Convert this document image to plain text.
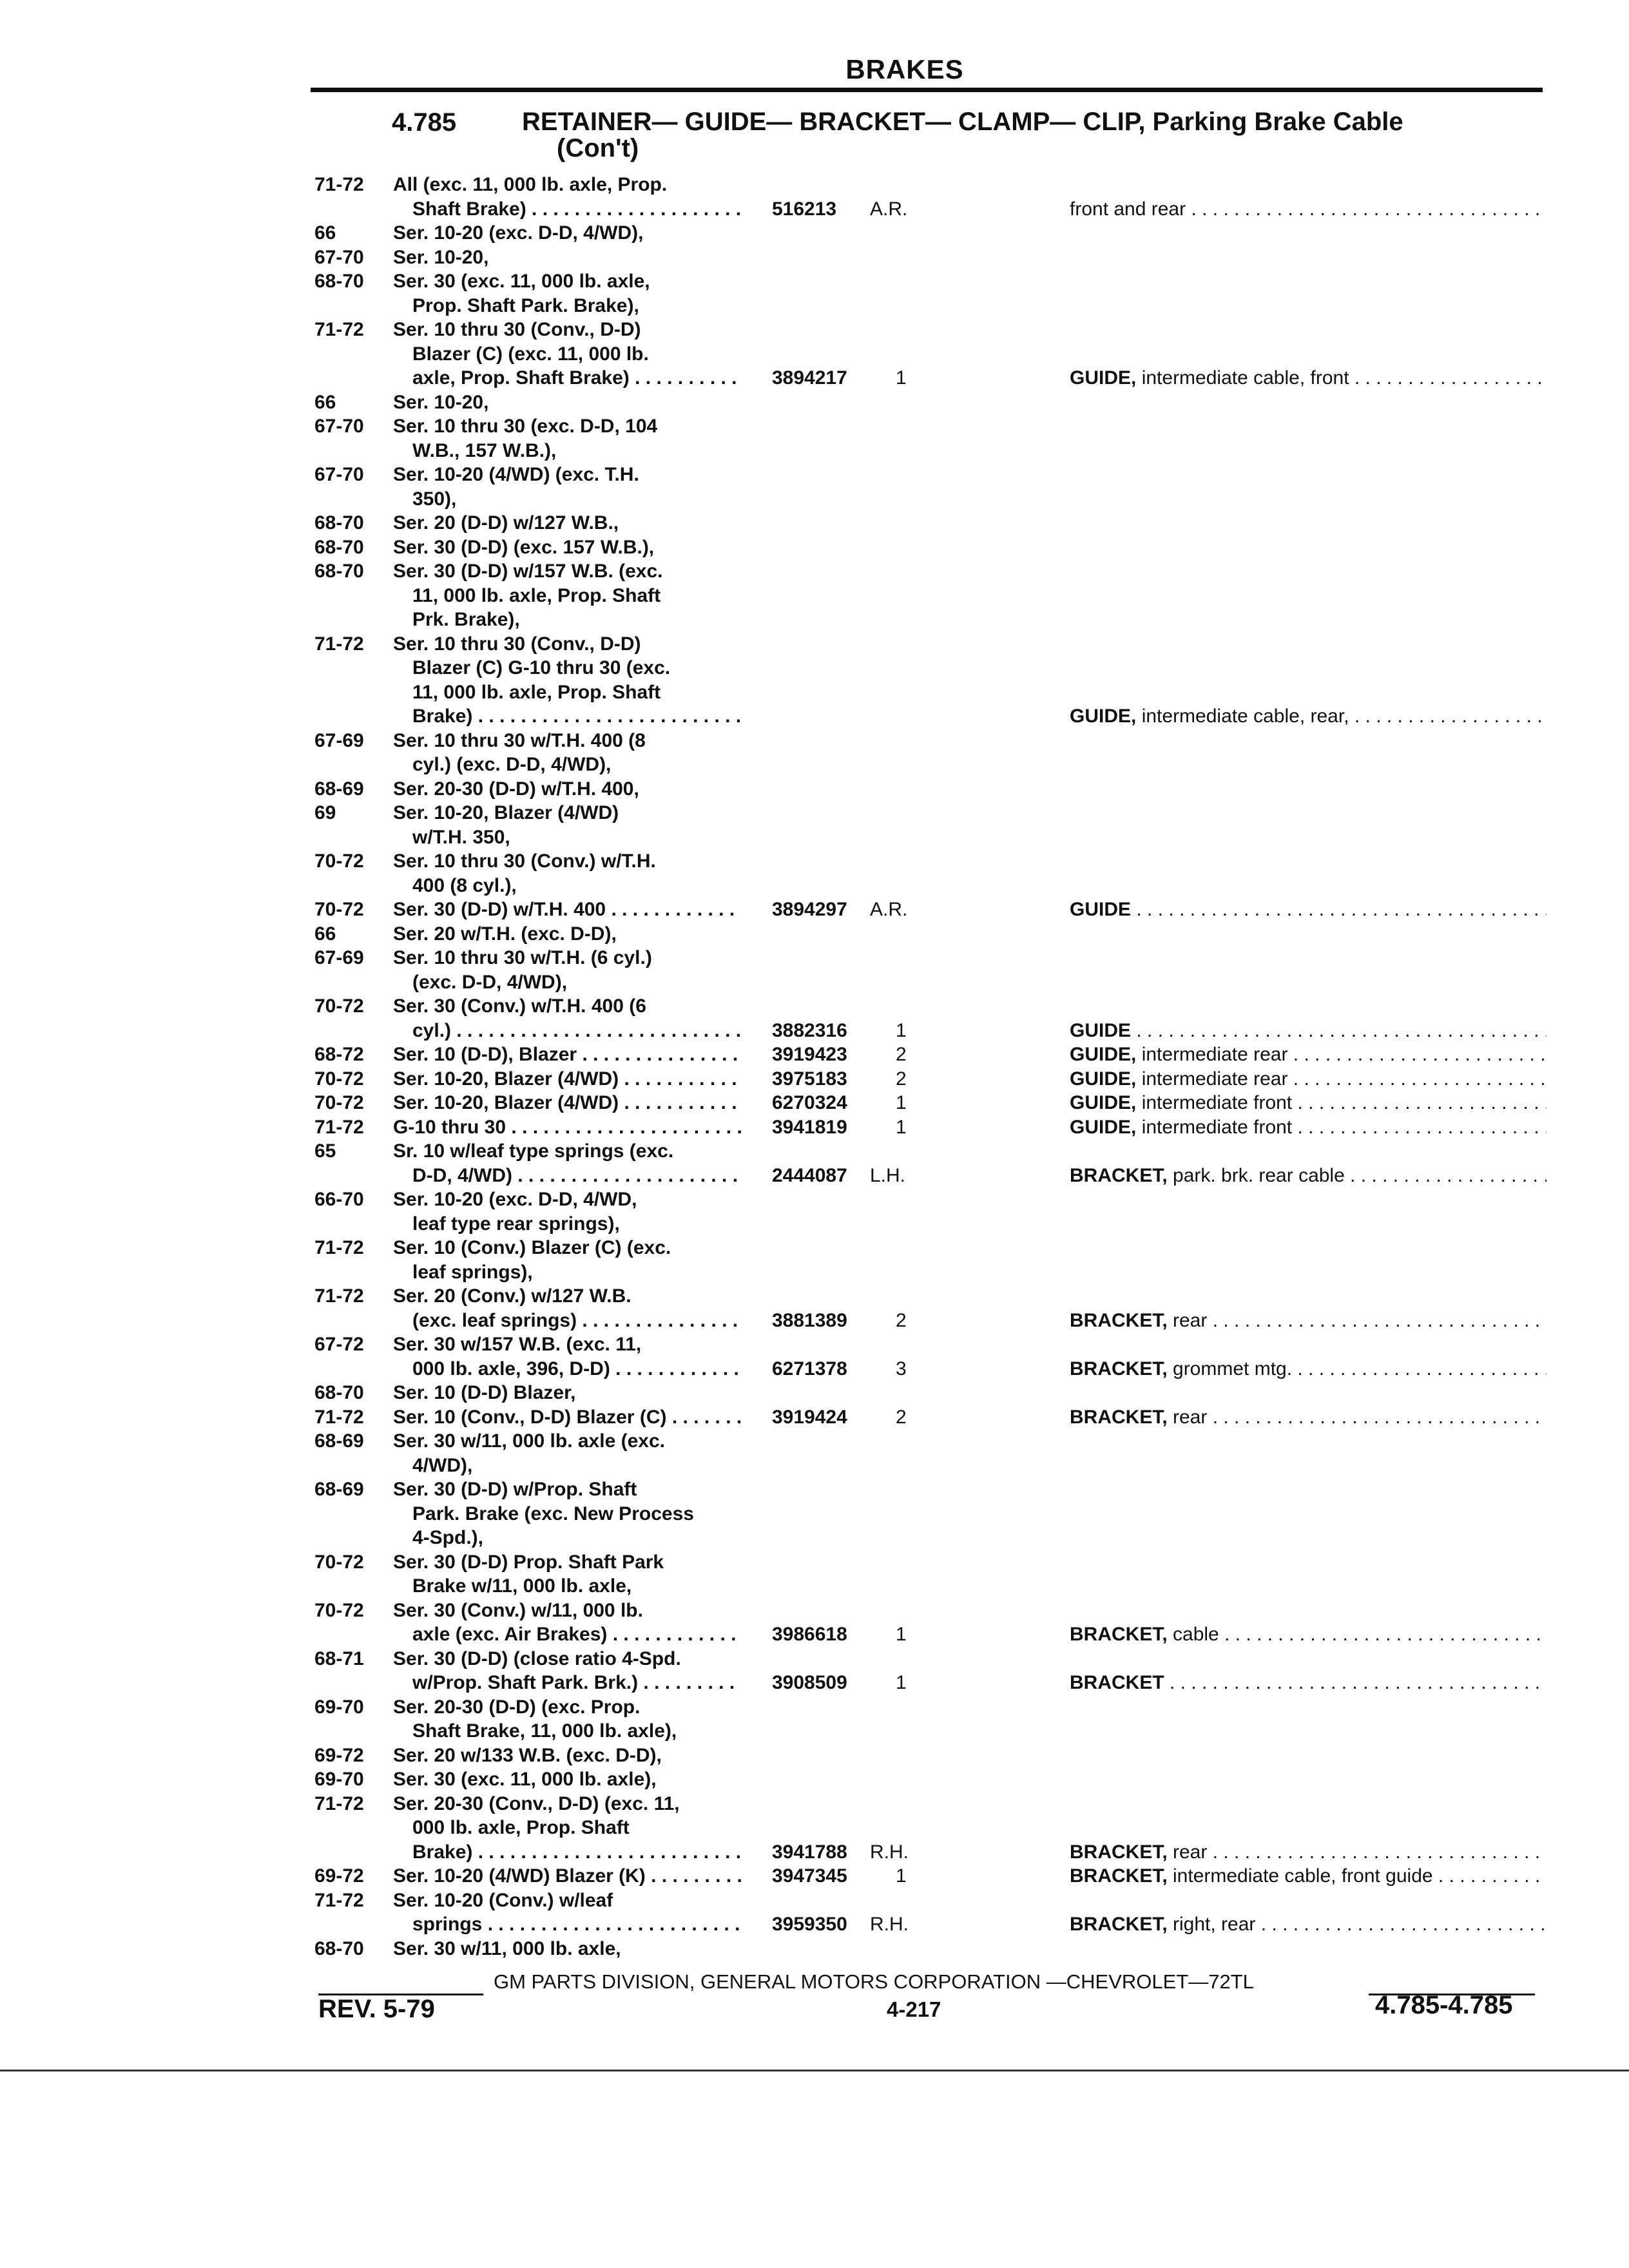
BRAKES
4.785	RETAINER— GUIDE— BRACKET— CLAMP— CLIP, Parking Brake Cable
(Con't)
71-72	All (exc. 11, 000 lb. axle, Prop.
Shaft Brake) . . .	516213 A.R.	front and rear . . .
66	Ser. 10-20 (exc. D-D, 4/WD),
67-70	Ser. 10-20,
68-70	Ser. 30 (exc. 11, 000 lb. axle,
Prop. Shaft Park. Brake),
71-72	Ser. 10 thru 30 (Conv., D-D)
Blazer (C) (exc. 11, 000 lb.
axle, Prop. Shaft Brake) . . .	3894217	1	GUIDE, intermediate cable, front . . .
66	Ser. 10-20,
67-70	Ser. 10 thru 30 (exc. D-D, 104
W.B., 157 W.B.),
67-70	Ser. 10-20 (4/WD) (exc. T.H.
350),
68-70	Ser. 20 (D-D) w/127 W.B.,
68-70	Ser. 30 (D-D) (exc. 157 W.B.),
68-70	Ser. 30 (D-D) w/157 W.B. (exc.
11, 000 lb. axle, Prop. Shaft
Prk. Brake),
71-72	Ser. 10 thru 30 (Conv., D-D)
Blazer (C) G-10 thru 30 (exc.
11, 000 lb. axle, Prop. Shaft
Brake) . . .	GUIDE, intermediate cable, rear, . . .
67-69	Ser. 10 thru 30 w/T.H. 400 (8
cyl.) (exc. D-D, 4/WD),
68-69	Ser. 20-30 (D-D) w/T.H. 400,
69	Ser. 10-20, Blazer (4/WD)
w/T.H. 350,
70-72	Ser. 10 thru 30 (Conv.) w/T.H.
400 (8 cyl.),
70-72	Ser. 30 (D-D) w/T.H. 400 . . .	3894297 A.R.	GUIDE . . .
66	Ser. 20 w/T.H. (exc. D-D),
67-69	Ser. 10 thru 30 w/T.H. (6 cyl.)
(exc. D-D, 4/WD),
70-72	Ser. 30 (Conv.) w/T.H. 400 (6
cyl.) . . .	3882316	1	GUIDE . . .
68-72	Ser. 10 (D-D), Blazer . . .	3919423	2	GUIDE, intermediate rear . . .
70-72	Ser. 10-20, Blazer (4/WD) . . .	3975183	2	GUIDE, intermediate rear . . .
70-72	Ser. 10-20, Blazer (4/WD) . . .	6270324	1	GUIDE, intermediate front . . .
71-72	G-10 thru 30 . . .	3941819	1	GUIDE, intermediate front . . .
65	Sr. 10 w/leaf type springs (exc.
D-D, 4/WD) . . .	2444087 L.H.	BRACKET, park. brk. rear cable . . .
66-70	Ser. 10-20 (exc. D-D, 4/WD,
leaf type rear springs),
71-72	Ser. 10 (Conv.) Blazer (C) (exc.
leaf springs),
71-72	Ser. 20 (Conv.) w/127 W.B.
(exc. leaf springs) . . .	3881389	2	BRACKET, rear . . .
67-72	Ser. 30 w/157 W.B. (exc. 11,
000 lb. axle, 396, D-D) . . .	6271378	3	BRACKET, grommet mtg. . . .
68-70	Ser. 10 (D-D) Blazer,
71-72	Ser. 10 (Conv., D-D) Blazer (C) . . .	3919424	2	BRACKET, rear . . .
68-69	Ser. 30 w/11, 000 lb. axle (exc.
4/WD),
68-69	Ser. 30 (D-D) w/Prop. Shaft
Park. Brake (exc. New Process
4-Spd.),
70-72	Ser. 30 (D-D) Prop. Shaft Park
Brake w/11, 000 lb. axle,
70-72	Ser. 30 (Conv.) w/11, 000 lb.
axle (exc. Air Brakes) . . .	3986618	1	BRACKET, cable . . .
68-71	Ser. 30 (D-D) (close ratio 4-Spd.
w/Prop. Shaft Park. Brk.) . . .	3908509	1	BRACKET . . .
69-70	Ser. 20-30 (D-D) (exc. Prop.
Shaft Brake, 11, 000 lb. axle),
69-72	Ser. 20 w/133 W.B. (exc. D-D),
69-70	Ser. 30 (exc. 11, 000 lb. axle),
71-72	Ser. 20-30 (Conv., D-D) (exc. 11,
000 lb. axle, Prop. Shaft
Brake) . . .	3941788 R.H.	BRACKET, rear . . .
69-72	Ser. 10-20 (4/WD) Blazer (K) . . .	3947345	1	BRACKET, intermediate cable, front guide . . .
71-72	Ser. 10-20 (Conv.) w/leaf
springs . . .	3959350 R.H.	BRACKET, right, rear . . .
68-70	Ser. 30 w/11, 000 lb. axle,
GM PARTS DIVISION, GENERAL MOTORS CORPORATION —CHEVROLET—72TL
REV. 5-79	4-217	4.785-4.785
